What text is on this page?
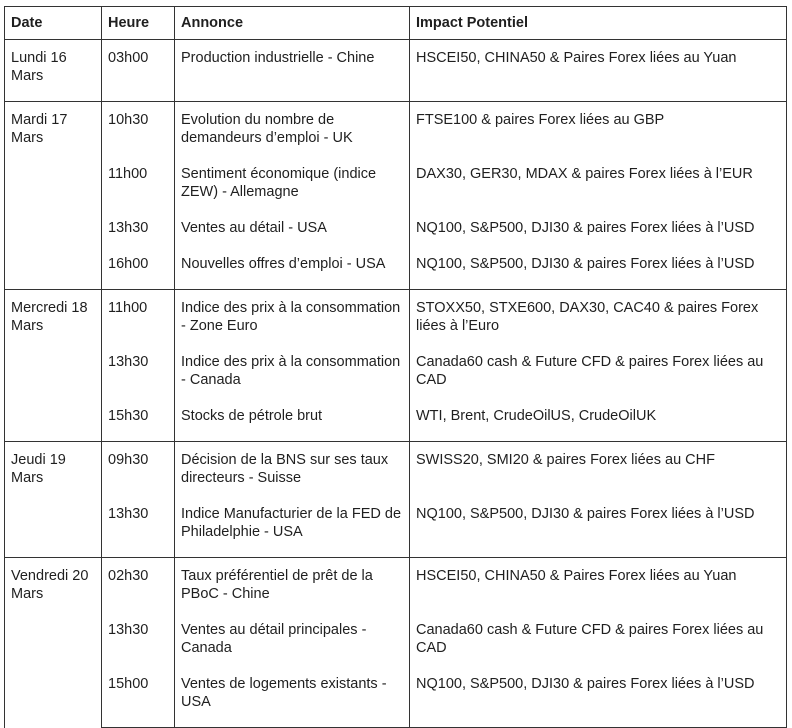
Date	Heure	Annonce	Impact Potentiel
Lundi 16 Mars	03h00	Production industrielle - Chine	HSCEI50, CHINA50 & Paires Forex liées au Yuan
Mardi 17 Mars	10h30	Evolution du nombre de demandeurs d’emploi - UK	FTSE100 & paires Forex liées au GBP
	11h00	Sentiment économique (indice ZEW) - Allemagne	DAX30, GER30, MDAX & paires Forex liées à l’EUR
	13h30	Ventes au détail - USA	NQ100, S&P500, DJI30 & paires Forex liées à l’USD
	16h00	Nouvelles offres d’emploi - USA	NQ100, S&P500, DJI30 & paires Forex liées à l’USD
Mercredi 18 Mars	11h00	Indice des prix à la consommation - Zone Euro	STOXX50, STXE600, DAX30, CAC40 & paires Forex liées à l’Euro
	13h30	Indice des prix à la consommation - Canada	Canada60 cash & Future CFD & paires Forex liées au CAD
	15h30	Stocks de pétrole brut	WTI, Brent, CrudeOilUS, CrudeOilUK
Jeudi 19 Mars	09h30	Décision de la BNS sur ses taux directeurs - Suisse	SWISS20, SMI20 & paires Forex liées au CHF
	13h30	Indice Manufacturier de la FED de Philadelphie - USA	NQ100, S&P500, DJI30 & paires Forex liées à l’USD
Vendredi 20 Mars	02h30	Taux préférentiel de prêt de la PBoC - Chine	HSCEI50, CHINA50 & Paires Forex liées au Yuan
	13h30	Ventes au détail principales - Canada	Canada60 cash & Future CFD & paires Forex liées au CAD
	15h00	Ventes de logements existants - USA	NQ100, S&P500, DJI30 & paires Forex liées à l’USD
